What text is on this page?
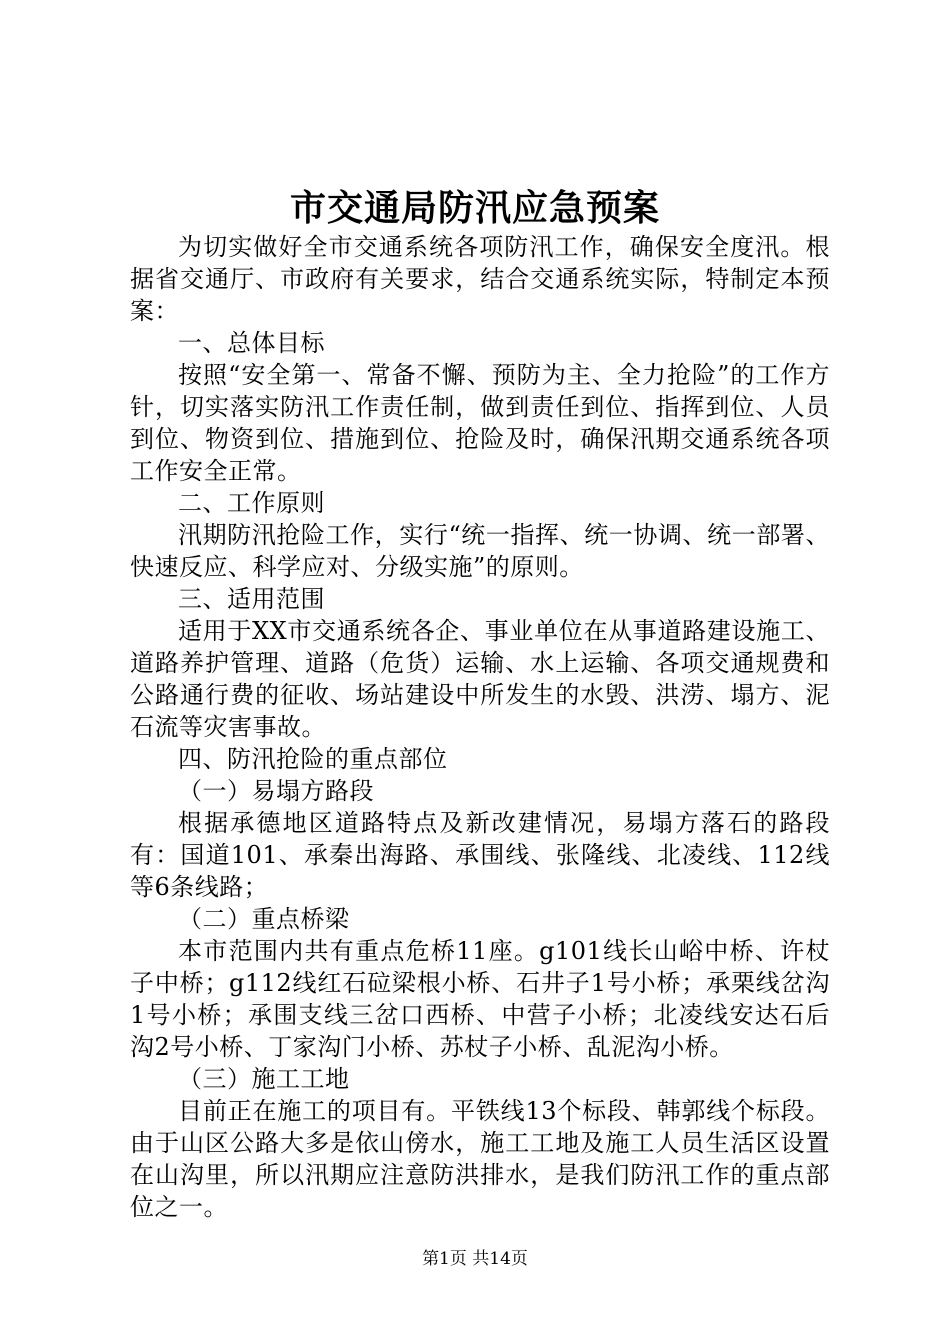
市交通局防汛应急预案

为切实做好全市交通系统各项防汛工作，确保安全度汛。根据省交通厅、市政府有关要求，结合交通系统实际，特制定本预案：

一、总体目标

按照“安全第一、常备不懈、预防为主、全力抢险”的工作方针，切实落实防汛工作责任制，做到责任到位、指挥到位、人员到位、物资到位、措施到位、抢险及时，确保汛期交通系统各项工作安全正常。

二、工作原则

汛期防汛抢险工作，实行“统一指挥、统一协调、统一部署、快速反应、科学应对、分级实施”的原则。

三、适用范围

适用于XX市交通系统各企、事业单位在从事道路建设施工、道路养护管理、道路（危货）运输、水上运输、各项交通规费和公路通行费的征收、场站建设中所发生的水毁、洪涝、塌方、泥石流等灾害事故。

四、防汛抢险的重点部位

（一）易塌方路段

根据承德地区道路特点及新改建情况，易塌方落石的路段有：国道101、承秦出海路、承围线、张隆线、北凌线、112线等6条线路；

（二）重点桥梁

本市范围内共有重点危桥11座。g101线长山峪中桥、许杖子中桥；g112线红石砬梁根小桥、石井子1号小桥；承栗线岔沟1号小桥；承围支线三岔口西桥、中营子小桥；北凌线安达石后沟2号小桥、丁家沟门小桥、苏杖子小桥、乱泥沟小桥。

（三）施工工地

目前正在施工的项目有。平铁线13个标段、韩郭线个标段。由于山区公路大多是依山傍水，施工工地及施工人员生活区设置在山沟里，所以汛期应注意防洪排水，是我们防汛工作的重点部位之一。

第1页 共14页
